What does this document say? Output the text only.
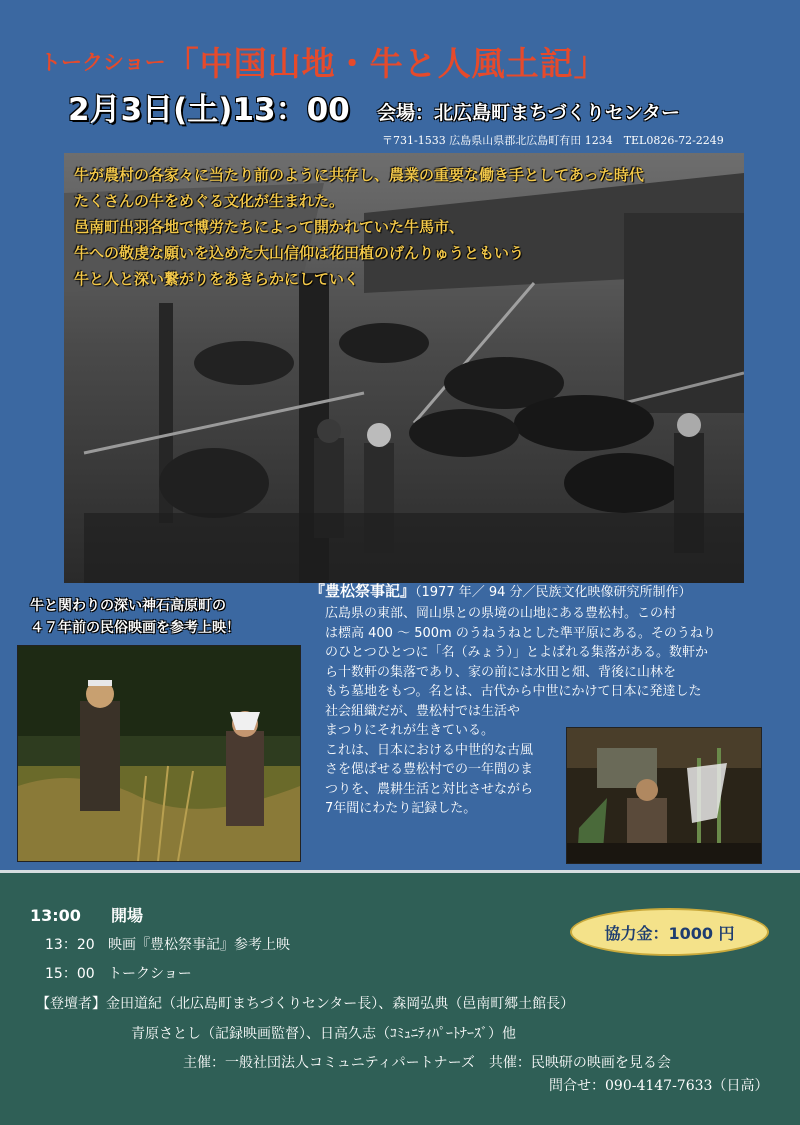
トークショー「中国山地・牛と人風土記」
2月3日(土)13：00 会場：北広島町まちづくりセンター
〒731-1533 広島県山県郡北広島町有田 1234　TEL0826-72-2249
牛が農村の各家々に当たり前のように共存し、農業の重要な働き手としてあった時代
たくさんの牛をめぐる文化が生まれた。
邑南町出羽各地で博労たちによって開かれていた牛馬市、
牛への敬虔な願いを込めた大山信仰は花田植のげんりゅうともいう
牛と人と深い繋がりをあきらかにしていく
牛と関わりの深い神石高原町の
４７年前の民俗映画を参考上映！
『豊松祭事記』（1977 年／ 94 分／民族文化映像研究所制作）
広島県の東部、岡山県との県境の山地にある豊松村。この村
は標高 400 ～ 500m のうねうねとした準平原にある。そのうねり
のひとつひとつに「名（みょう）」とよばれる集落がある。数軒か
ら十数軒の集落であり、家の前には水田と畑、背後に山林を
もち墓地をもつ。名とは、古代から中世にかけて日本に発達した
社会組織だが、豊松村では生活や
まつりにそれが生きている。
これは、日本における中世的な古風
さを偲ばせる豊松村での一年間のま
つりを、農耕生活と対比させながら
7年間にわたり記録した。
13:00 開場
13：20 映画『豊松祭事記』参考上映
15：00 トークショー
【登壇者】金田道紀（北広島町まちづくりセンター長）、森岡弘典（邑南町郷土館長）
青原さとし（記録映画監督）、日高久志（ｺﾐｭﾆﾃｨﾊﾟｰﾄﾅｰｽﾞ）他
主催：一般社団法人コミュニティパートナーズ　共催：民映研の映画を見る会
問合せ：090-4147-7633（日高）
協力金：1000 円
